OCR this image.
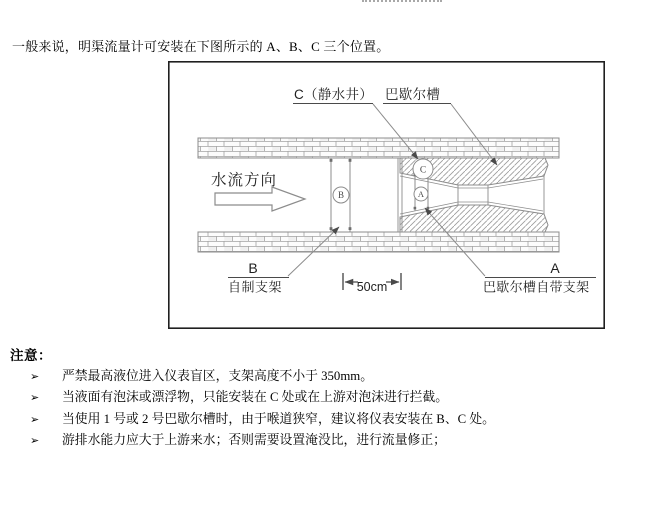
一般来说，明渠流量计可安装在下图所示的 A、B、C 三个位置。
C
A
B
水流方向
C（静水井） 巴歇尔槽
B
自制支架
A
巴歇尔槽自带支架
50cm
注意：
➢ 严禁最高液位进入仪表盲区，支架高度不小于 350mm。
➢ 当液面有泡沫或漂浮物，只能安装在 C 处或在上游对泡沫进行拦截。
➢ 当使用 1 号或 2 号巴歇尔槽时，由于喉道狭窄，建议将仪表安装在 B、C 处。
➢ 游排水能力应大于上游来水；否则需要设置淹没比，进行流量修正；
